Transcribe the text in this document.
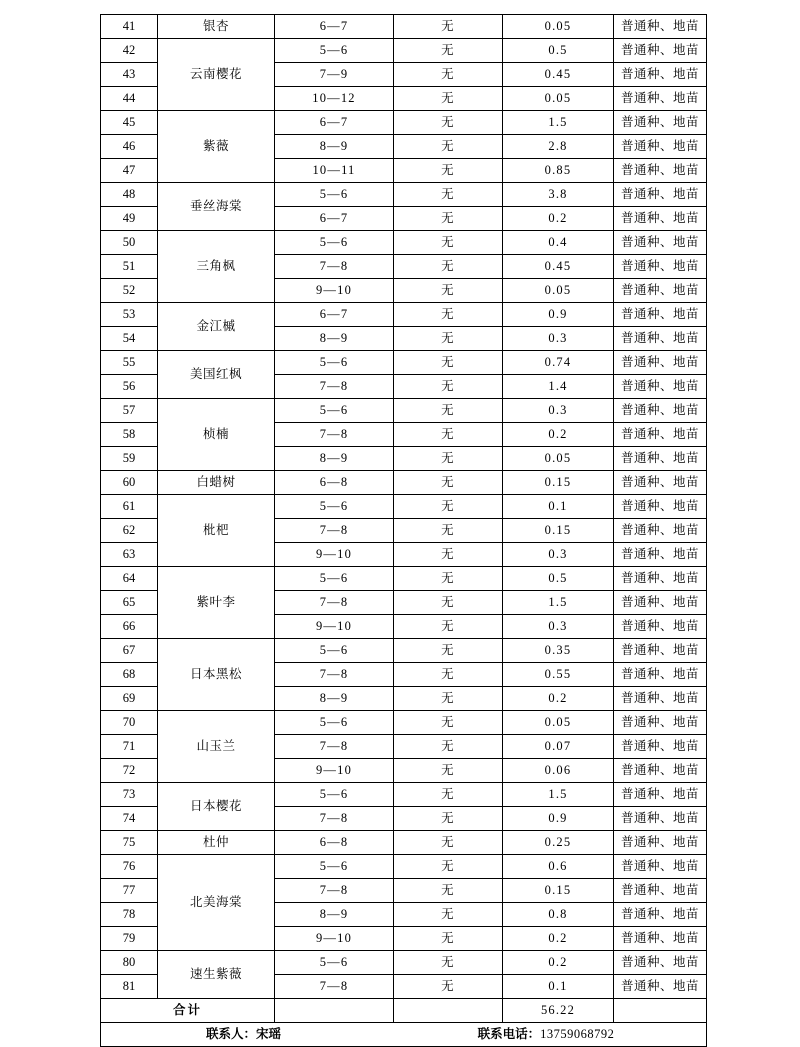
41	银杏	6—7	无	0.05	普通种、地苗
42	云南樱花	5—6	无	0.5	普通种、地苗
43		7—9	无	0.45	普通种、地苗
44		10—12	无	0.05	普通种、地苗
45	紫薇	6—7	无	1.5	普通种、地苗
46		8—9	无	2.8	普通种、地苗
47		10—11	无	0.85	普通种、地苗
48	垂丝海棠	5—6	无	3.8	普通种、地苗
49		6—7	无	0.2	普通种、地苗
50	三角枫	5—6	无	0.4	普通种、地苗
51		7—8	无	0.45	普通种、地苗
52		9—10	无	0.05	普通种、地苗
53	金江槭	6—7	无	0.9	普通种、地苗
54		8—9	无	0.3	普通种、地苗
55	美国红枫	5—6	无	0.74	普通种、地苗
56		7—8	无	1.4	普通种、地苗
57	桢楠	5—6	无	0.3	普通种、地苗
58		7—8	无	0.2	普通种、地苗
59		8—9	无	0.05	普通种、地苗
60	白蜡树	6—8	无	0.15	普通种、地苗
61	枇杷	5—6	无	0.1	普通种、地苗
62		7—8	无	0.15	普通种、地苗
63		9—10	无	0.3	普通种、地苗
64	紫叶李	5—6	无	0.5	普通种、地苗
65		7—8	无	1.5	普通种、地苗
66		9—10	无	0.3	普通种、地苗
67	日本黑松	5—6	无	0.35	普通种、地苗
68		7—8	无	0.55	普通种、地苗
69		8—9	无	0.2	普通种、地苗
70	山玉兰	5—6	无	0.05	普通种、地苗
71		7—8	无	0.07	普通种、地苗
72		9—10	无	0.06	普通种、地苗
73	日本樱花	5—6	无	1.5	普通种、地苗
74		7—8	无	0.9	普通种、地苗
75	杜仲	6—8	无	0.25	普通种、地苗
76	北美海棠	5—6	无	0.6	普通种、地苗
77		7—8	无	0.15	普通种、地苗
78		8—9	无	0.8	普通种、地苗
79		9—10	无	0.2	普通种、地苗
80	速生紫薇	5—6	无	0.2	普通种、地苗
81		7—8	无	0.1	普通种、地苗
合计				56.22	

联系人：宋瑶 联系电话：13759068792					
